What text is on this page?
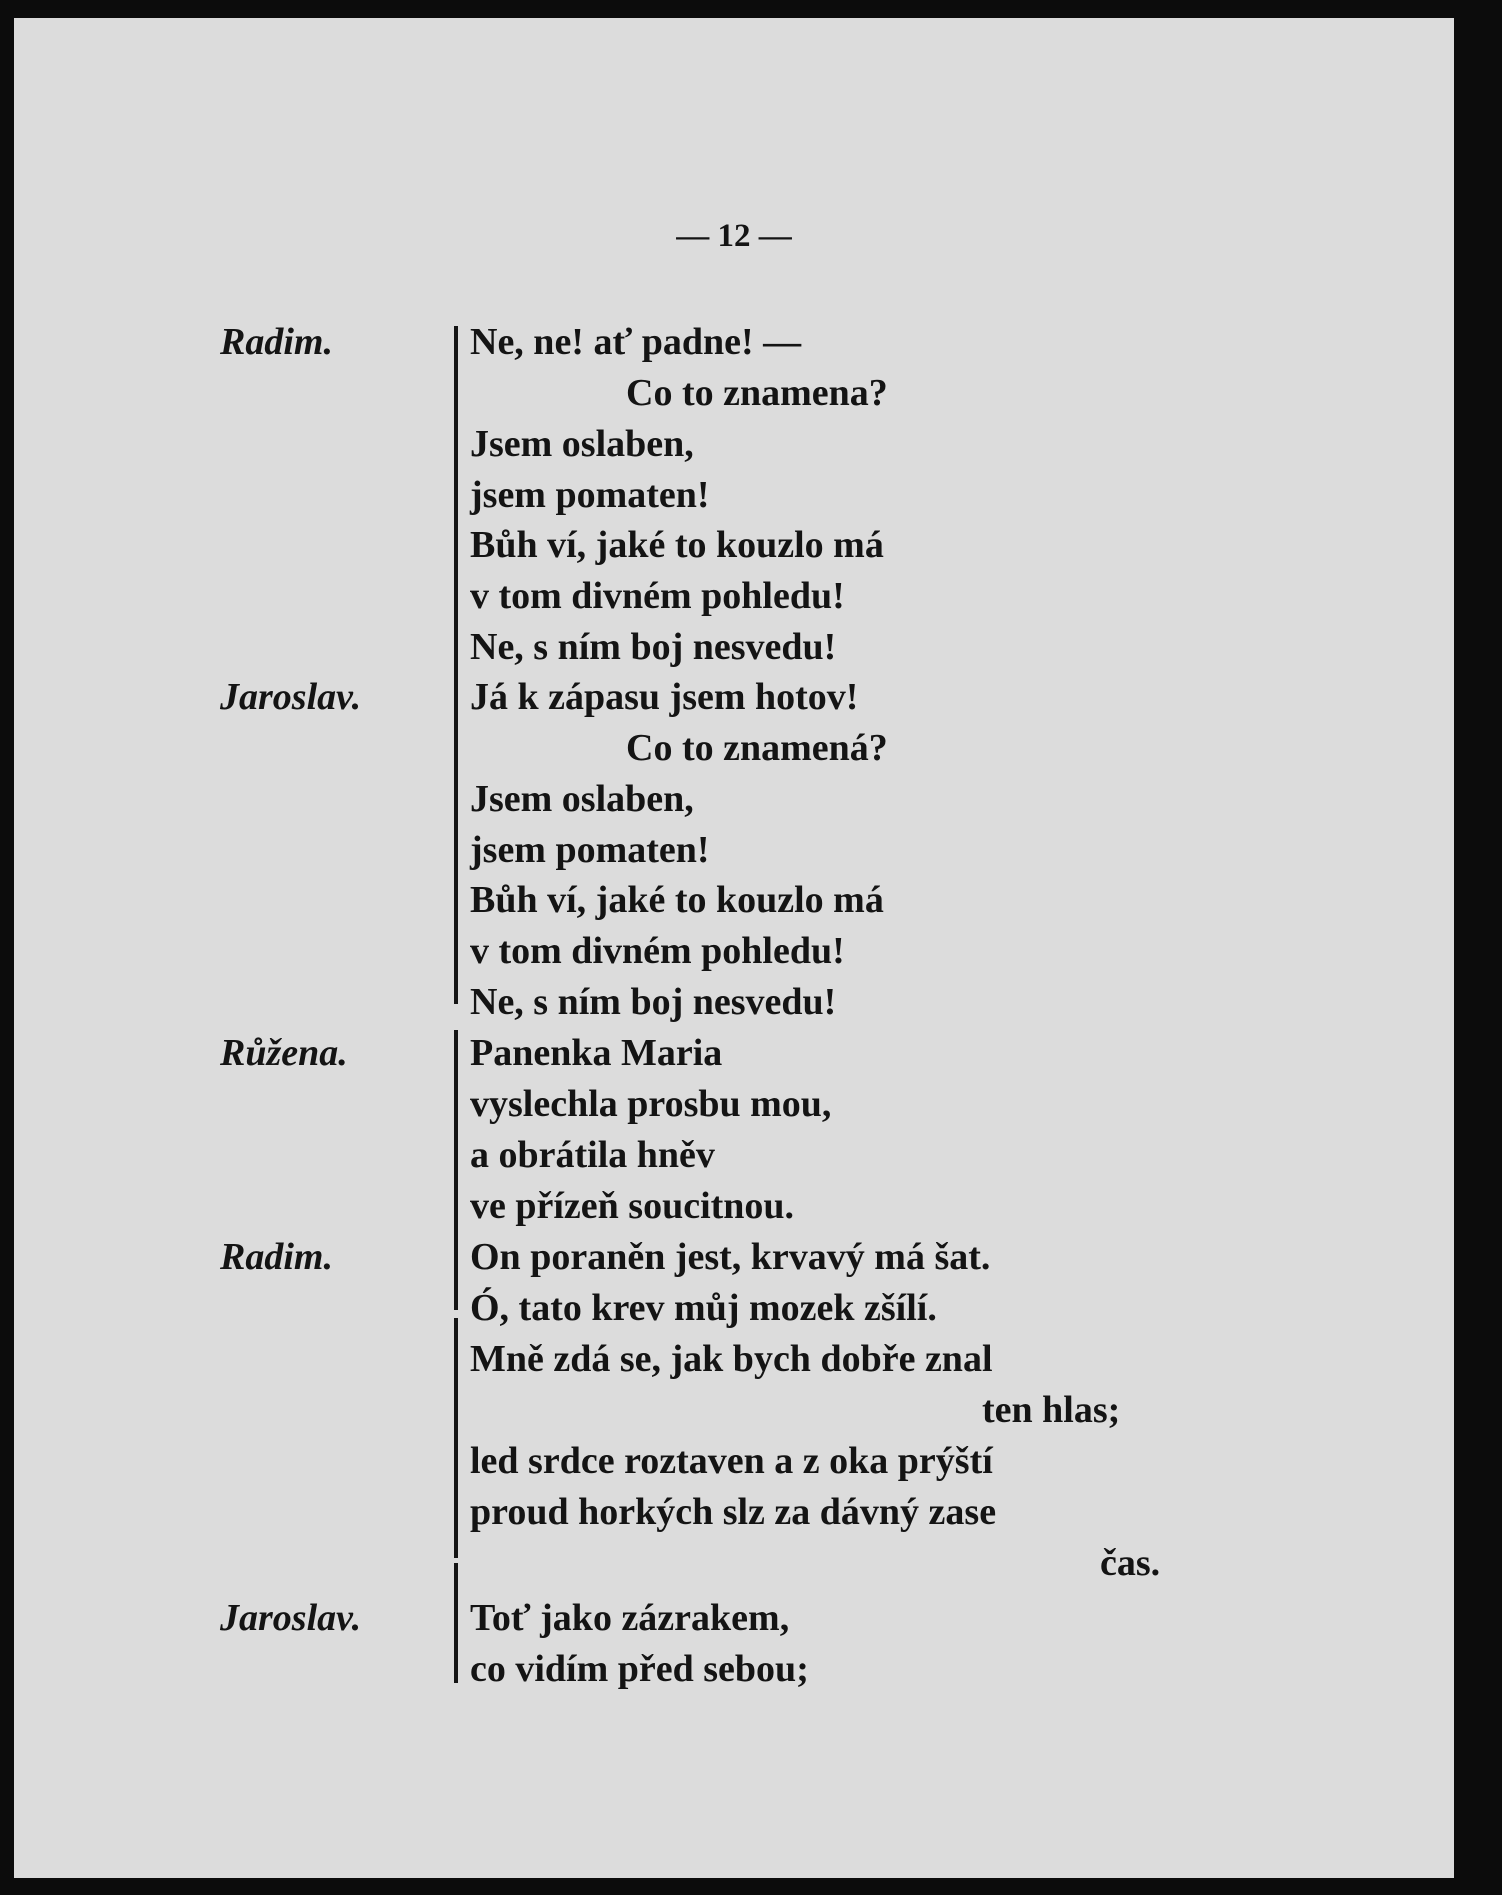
— 12 —
Radim.
Jaroslav.
Růžena.
Radim.
Jaroslav.
Ne, ne! ať padne! —
Co to znamena?
Jsem oslaben,
jsem pomaten!
Bůh ví, jaké to kouzlo má
v tom divném pohledu!
Ne, s ním boj nesvedu!
Já k zápasu jsem hotov!
Co to znamená?
Jsem oslaben,
jsem pomaten!
Bůh ví, jaké to kouzlo má
v tom divném pohledu!
Ne, s ním boj nesvedu!
Panenka Maria
vyslechla prosbu mou,
a obrátila hněv
ve přízeň soucitnou.
On poraněn jest, krvavý má šat.
Ó, tato krev můj mozek zšílí.
Mně zdá se, jak bych dobře znal
ten hlas;
led srdce roztaven a z oka prýští
proud horkých slz za dávný zase
čas.
Toť jako zázrakem,
co vidím před sebou;
